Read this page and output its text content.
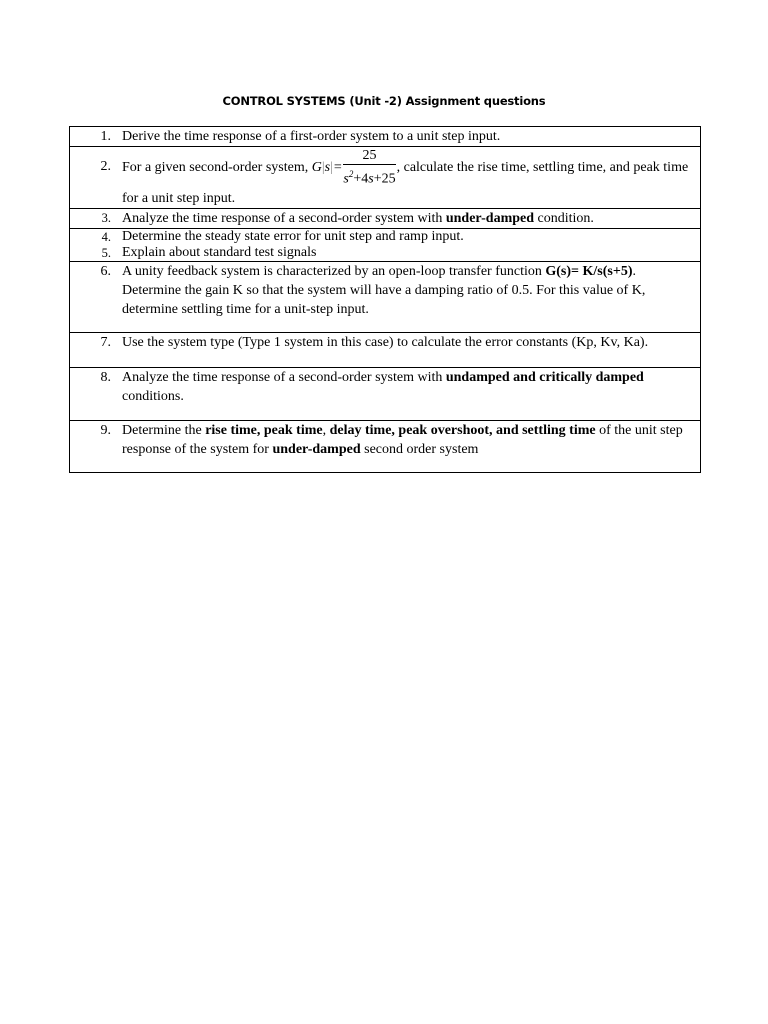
CONTROL SYSTEMS (Unit -2) Assignment questions
1. Derive the time response of a first-order system to a unit step input.

2. For a given second-order system, $G|s|= \frac{25}{s^2+4s+25}$ , calculate the rise time, settling time, and peak time for a unit step input.

3. Analyze the time response of a second-order system with under-damped condition.

4. Determine the steady state error for unit step and ramp input.
5. Explain about standard test signals

6. A unity feedback system is characterized by an open-loop transfer function G(s)= K/s(s+5). Determine the gain K so that the system will have a damping ratio of 0.5. For this value of K, determine settling time for a unit-step input.

7. Use the system type (Type 1 system in this case) to calculate the error constants (Kp, Kv, Ka).

8. Analyze the time response of a second-order system with undamped and critically damped conditions.

9. Determine the rise time, peak time, delay time, peak overshoot, and settling time of the unit step response of the system for under-damped second order system
